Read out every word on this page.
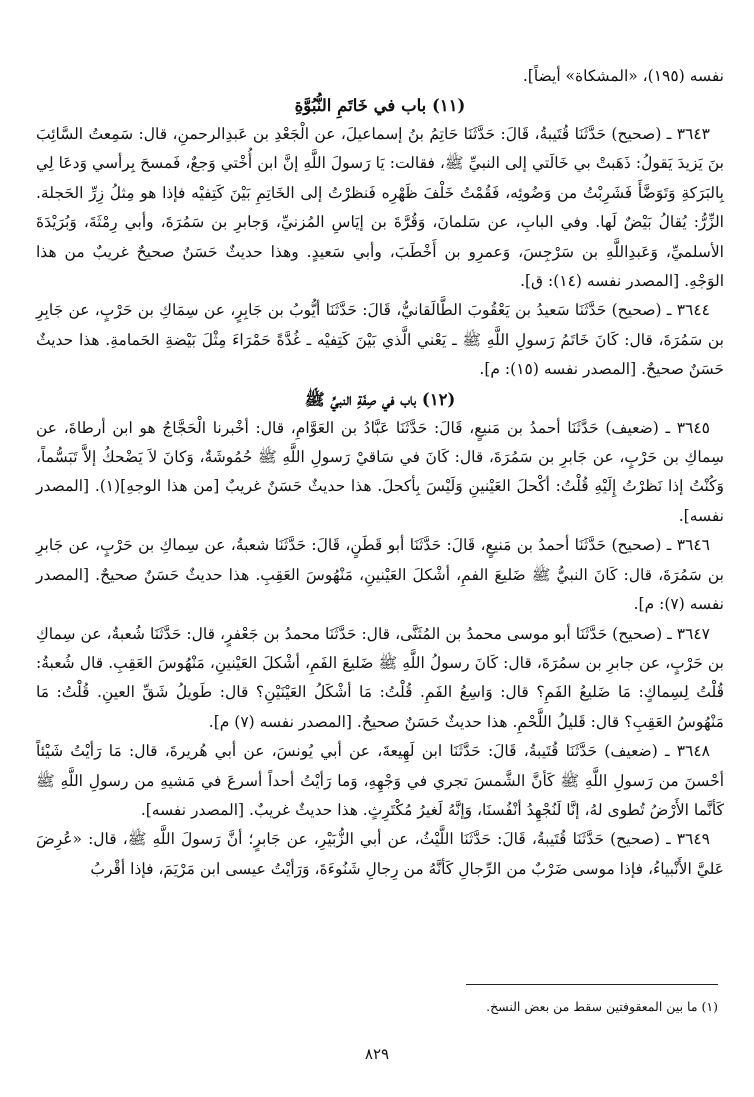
نفسه (١٩٥)، «المشكاة» أيضاً].

(١١) باب في خَاتَمِ النُّبُوَّةِ

٣٦٤٣ ـ (صحيح) حَدَّثَنَا قُتَيبةُ، قَالَ: حَدَّثَنَا حَاتِمُ بنُ إسماعيلَ، عن الْجَعْدِ بن عَبدِالرحمنِ، قال: سَمِعتُ السَّائِبَ بنَ يَزيدَ يَقولُ: ذَهَبتْ بي خَالَتي إلى النبيِّ ﷺ، فقالت: يَا رَسولَ اللَّهِ إنَّ ابن أُخْتي وَجعٌ، فَمسحَ بِرأسي وَدعَا لِي بِالبَرَكةِ وَتَوَضَّأَ فَشَرِبْتُ من وَضُوئِه، فَقُمْتُ خَلْفَ ظَهْرِه فَنظرْتُ إلى الخَاتِمِ بَيْنَ كَتِفيْه فإذا هو مِثلُ زِرِّ الحَجلة. الزِّرُّ: يُقالُ بَيْضٌ لَها. وفي البابِ، عن سَلمانَ، وَقُرَّةَ بن إيَاسِ المُزنيِّ، وَجابرِ بن سَمُرَةَ، وأبي رِمْثَةَ، وَبُرَيْدَةَ الأسلميِّ، وَعَبدِاللَّهِ بن سَرْجِسَ، وَعمرِو بن أَخْطَبَ، وأبي سَعيدٍ. وهذا حديثٌ حَسَنٌ صحيحٌ غريبٌ من هذا الوَجْهِ. [المصدر نفسه (١٤): ق].

٣٦٤٤ ـ (صحيح) حَدَّثَنَا سَعيدُ بن يَعْقُوبَ الطَّالَقانيُّ، قَالَ: حَدَّثَنَا أيُّوبُ بن جَابِرٍ، عن سِمَاكِ بن حَرْبٍ، عن جَابِرِ بن سَمُرَةَ، قال: كَانَ خَاتَمُ رَسولِ اللَّهِ ﷺ ـ يَعْني الَّذي بَيْنَ كَتِفيْه ـ غُدَّةً حَمْرَاءَ مِثْلَ بَيْضةِ الحَمامةِ. هذا حديثٌ حَسَنٌ صحيحٌ. [المصدر نفسه (١٥): م].

(١٢) باب في صِفَةِ النبيِّ ﷺ

٣٦٤٥ ـ (ضعيف) حَدَّثَنَا أحمدُ بن مَنيعٍ، قَالَ: حَدَّثَنَا عَبَّادُ بن العَوَّامِ، قال: أخْبرنا الْحَجَّاجُ هو ابن أرطاةَ، عن سِماكِ بن حَرْبٍ، عن جَابرِ بن سَمُرَةَ، قال: كَانَ في سَاقيْ رَسولِ اللَّهِ ﷺ حُمُوشَةٌ، وَكانَ لاَ يَضْحكُ إلاَّ تَبَسُّماً، وَكُنْتُ إذا نَظرْتُ إِلَيْهِ قُلْتُ: أكْحلَ العَيْنينِ وَلَيْسَ بِأكحلَ. هذا حديثٌ حَسَنٌ غريبٌ [من هذا الوجهِ](١). [المصدر نفسه].

٣٦٤٦ ـ (صحيح) حَدَّثَنَا أحمدُ بن مَنيعٍ، قَالَ: حَدَّثَنَا أبو قَطَنٍ، قَالَ: حَدَّثَنَا شعبةُ، عن سِماكِ بن حَرْبٍ، عن جَابرِ بن سَمُرَةَ، قال: كَانَ النبيُّ ﷺ ضَليعَ الفمِ، أشْكلَ العَيْنينِ، مَنْهُوسَ العَقِبِ. هذا حديثٌ حَسَنٌ صحيحٌ. [المصدر نفسه (٧): م].

٣٦٤٧ ـ (صحيح) حَدَّثَنَا أبو موسى محمدُ بن المُثَنَّى، قال: حَدَّثَنَا محمدُ بن جَعْفرٍ، قال: حَدَّثَنَا شُعبةُ، عن سِماكِ بن حَرْبٍ، عن جابرِ بن سمُرَةَ، قال: كَانَ رسولُ اللَّهِ ﷺ ضَليعَ الفَمِ، أشْكلَ العَيْنينِ، مَنْهُوسَ العَقِبِ. قال شُعبةُ: قُلْتُ لِسِماكٍ: مَا ضَليعُ الفَمِ؟ قال: وَاسِعُ الفَمِ. قُلْتُ: مَا أشْكَلُ العَيْنَيْنِ؟ قال: طَويلُ شَقِّ العينِ. قُلْتُ: مَا مَنْهُوسُ العَقِبِ؟ قال: قَليلُ اللَّحْمِ. هذا حديثٌ حَسَنٌ صحيحٌ. [المصدر نفسه (٧) م].

٣٦٤٨ ـ (ضعيف) حَدَّثَنَا قُتَيبةُ، قَالَ: حَدَّثَنَا ابن لَهِيعةَ، عن أبي يُونسَ، عن أبي هُريرةَ، قال: مَا رَأيْتُ شَيْئاً أحْسنَ من رَسولِ اللَّهِ ﷺ كَأنَّ الشَّمسَ تجري في وَجْهِهِ، وَما رَأيْتُ أحداً أسرعَ في مَشيهِ من رسولِ اللَّهِ ﷺ كَأنَّما الأَرْضُ تُطوى لهُ، إنَّا لَنُجْهِدُ أنْفُسنَا، وَإنَّهُ لَغيرُ مُكْتَرِثٍ. هذا حديثٌ غريبٌ. [المصدر نفسه].

٣٦٤٩ ـ (صحيح) حَدَّثَنَا قُتَيبةُ، قَالَ: حَدَّثَنَا اللَّيْثُ، عن أبي الزُّبَيْرِ، عن جَابرٍ؛ أنَّ رَسولَ اللَّهِ ﷺ، قال: «عُرِضَ عَليَّ الأَنْبياءُ، فإذا موسى ضَرْبٌ من الرِّجالِ كَأنَّهُ من رِجالِ شَنُوءَةَ، وَرَأيْتُ عيسى ابن مَرْيَمَ، فإذا أقْربُ

(١) ما بين المعقوفتين سقط من بعض النسخ.

٨٢٩
